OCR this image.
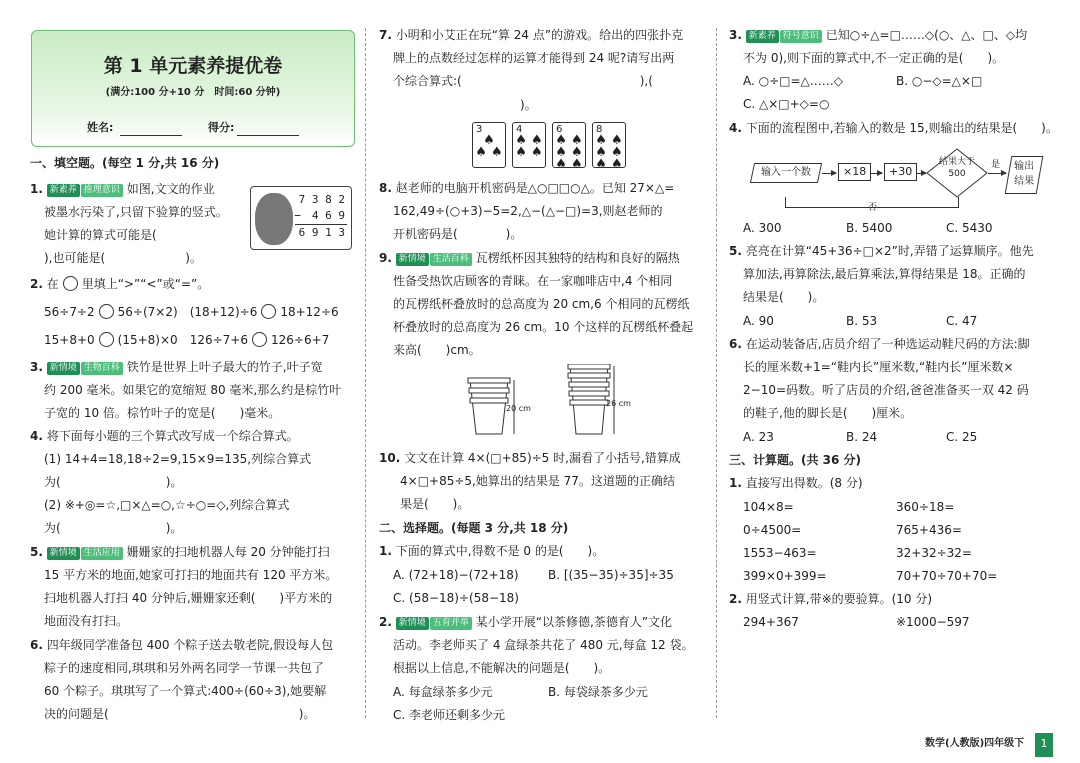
第 1 单元素养提优卷
(满分:100 分+10 分　时间:60 分钟)
姓名:	得分:
一、填空题。(每空 1 分,共 16 分)
1. 新素养 推理意识 如图,文文的作业
被墨水污染了,只留下验算的竖式。
她计算的算式可能是(
),也可能是(	)。
7 3 8 2
−　4 6 9
6 9 1 3
2. 在 里填上“>”“<”或“=”。
56÷7÷2 56÷(7×2)　 (18+12)÷6 18+12÷6
15+8+0 (15+8)×0　 126÷7+6 126÷6+7
3. 新情境 生物百科 铁竹是世界上叶子最大的竹子,叶子宽
约 200 毫米。如果它的宽缩短 80 毫米,那么约是棕竹叶
子宽的 10 倍。棕竹叶子的宽是(　　)毫米。
4. 将下面每小题的三个算式改写成一个综合算式。
(1) 14+4=18,18÷2=9,15×9=135,列综合算式
为(	)。
(2) ※+◎=☆,□×△=○,☆÷○=◇,列综合算式
为(	)。
5. 新情境 生活应用 姗姗家的扫地机器人每 20 分钟能打扫
15 平方米的地面,她家可打扫的地面共有 120 平方米。
扫地机器人打扫 40 分钟后,姗姗家还剩(　　)平方米的
地面没有打扫。
6. 四年级同学准备包 400 个粽子送去敬老院,假设每人包
粽子的速度相同,琪琪和另外两名同学一节课一共包了
60 个粽子。琪琪写了一个算式:400÷(60÷3),她要解
决的问题是(	)。
7. 小明和小艾正在玩“算 24 点”的游戏。给出的四张扑克
牌上的点数经过怎样的运算才能得到 24 呢?请写出两
个综合算式:(	),(
)。
3
♠
♠ ♠
4
♠ ♠
♠ ♠
6
♠ ♠
♠ ♠
♠ ♠
8
♠ ♠
♠ ♠
♠ ♠
8. 赵老师的电脑开机密码是△○□□○△。已知 27×△=
162,49÷(○+3)−5=2,△−(△−□)=3,则赵老师的
开机密码是(　　　　)。
9. 新情境 生活百科 瓦楞纸杯因其独特的结构和良好的隔热
性备受热饮店顾客的青睐。在一家咖啡店中,4 个相同
的瓦楞纸杯叠放时的总高度为 20 cm,6 个相同的瓦楞纸
杯叠放时的总高度为 26 cm。10 个这样的瓦楞纸杯叠起
来高(　　)cm。
20 cm
26 cm
10. 文文在计算 4×(□+85)÷5 时,漏看了小括号,错算成
4×□+85÷5,她算出的结果是 77。这道题的正确结
果是(　　)。
二、选择题。(每题 3 分,共 18 分)
1. 下面的算式中,得数不是 0 的是(　　)。
A. (72+18)−(72+18) B. [(35−35)÷35]÷35
C. (58−18)÷(58−18)
2. 新情境 五育并举 某小学开展“以茶修德,茶德育人”文化
活动。李老师买了 4 盒绿茶共花了 480 元,每盒 12 袋。
根据以上信息,不能解决的问题是(　　)。
A. 每盒绿茶多少元	B. 每袋绿茶多少元
C. 李老师还剩多少元
3. 新素养 符号意识 已知○÷△=□……◇(○、△、□、◇均
不为 0),则下面的算式中,不一定正确的是(　　)。
A. ○÷□=△……◇	B. ○−◇=△×□
C. △×□+◇=○
4. 下面的流程图中,若输入的数是 15,则输出的结果是(　　)。
输入一个数	×18	+30
结果大于500
是	输出结果
否
A. 300	B. 5400	C. 5430
5. 亮亮在计算“45+36÷□×2”时,弄错了运算顺序。他先
算加法,再算除法,最后算乘法,算得结果是 18。正确的
结果是(　　)。
A. 90	B. 53	C. 47
6. 在运动装备店,店员介绍了一种选运动鞋尺码的方法:脚
长的厘米数+1=“鞋内长”厘米数,“鞋内长”厘米数×
2−10=码数。听了店员的介绍,爸爸准备买一双 42 码
的鞋子,他的脚长是(　　)厘米。
A. 23	B. 24	C. 25
三、计算题。(共 36 分)
1. 直接写出得数。(8 分)
104×8=	360÷18=
0÷4500=	765+436=
1553−463=	32+32÷32=
399×0+399=	70+70÷70+70=
2. 用竖式计算,带※的要验算。(10 分)
294+367	※1000−597
数学(人教版)四年级下	1
